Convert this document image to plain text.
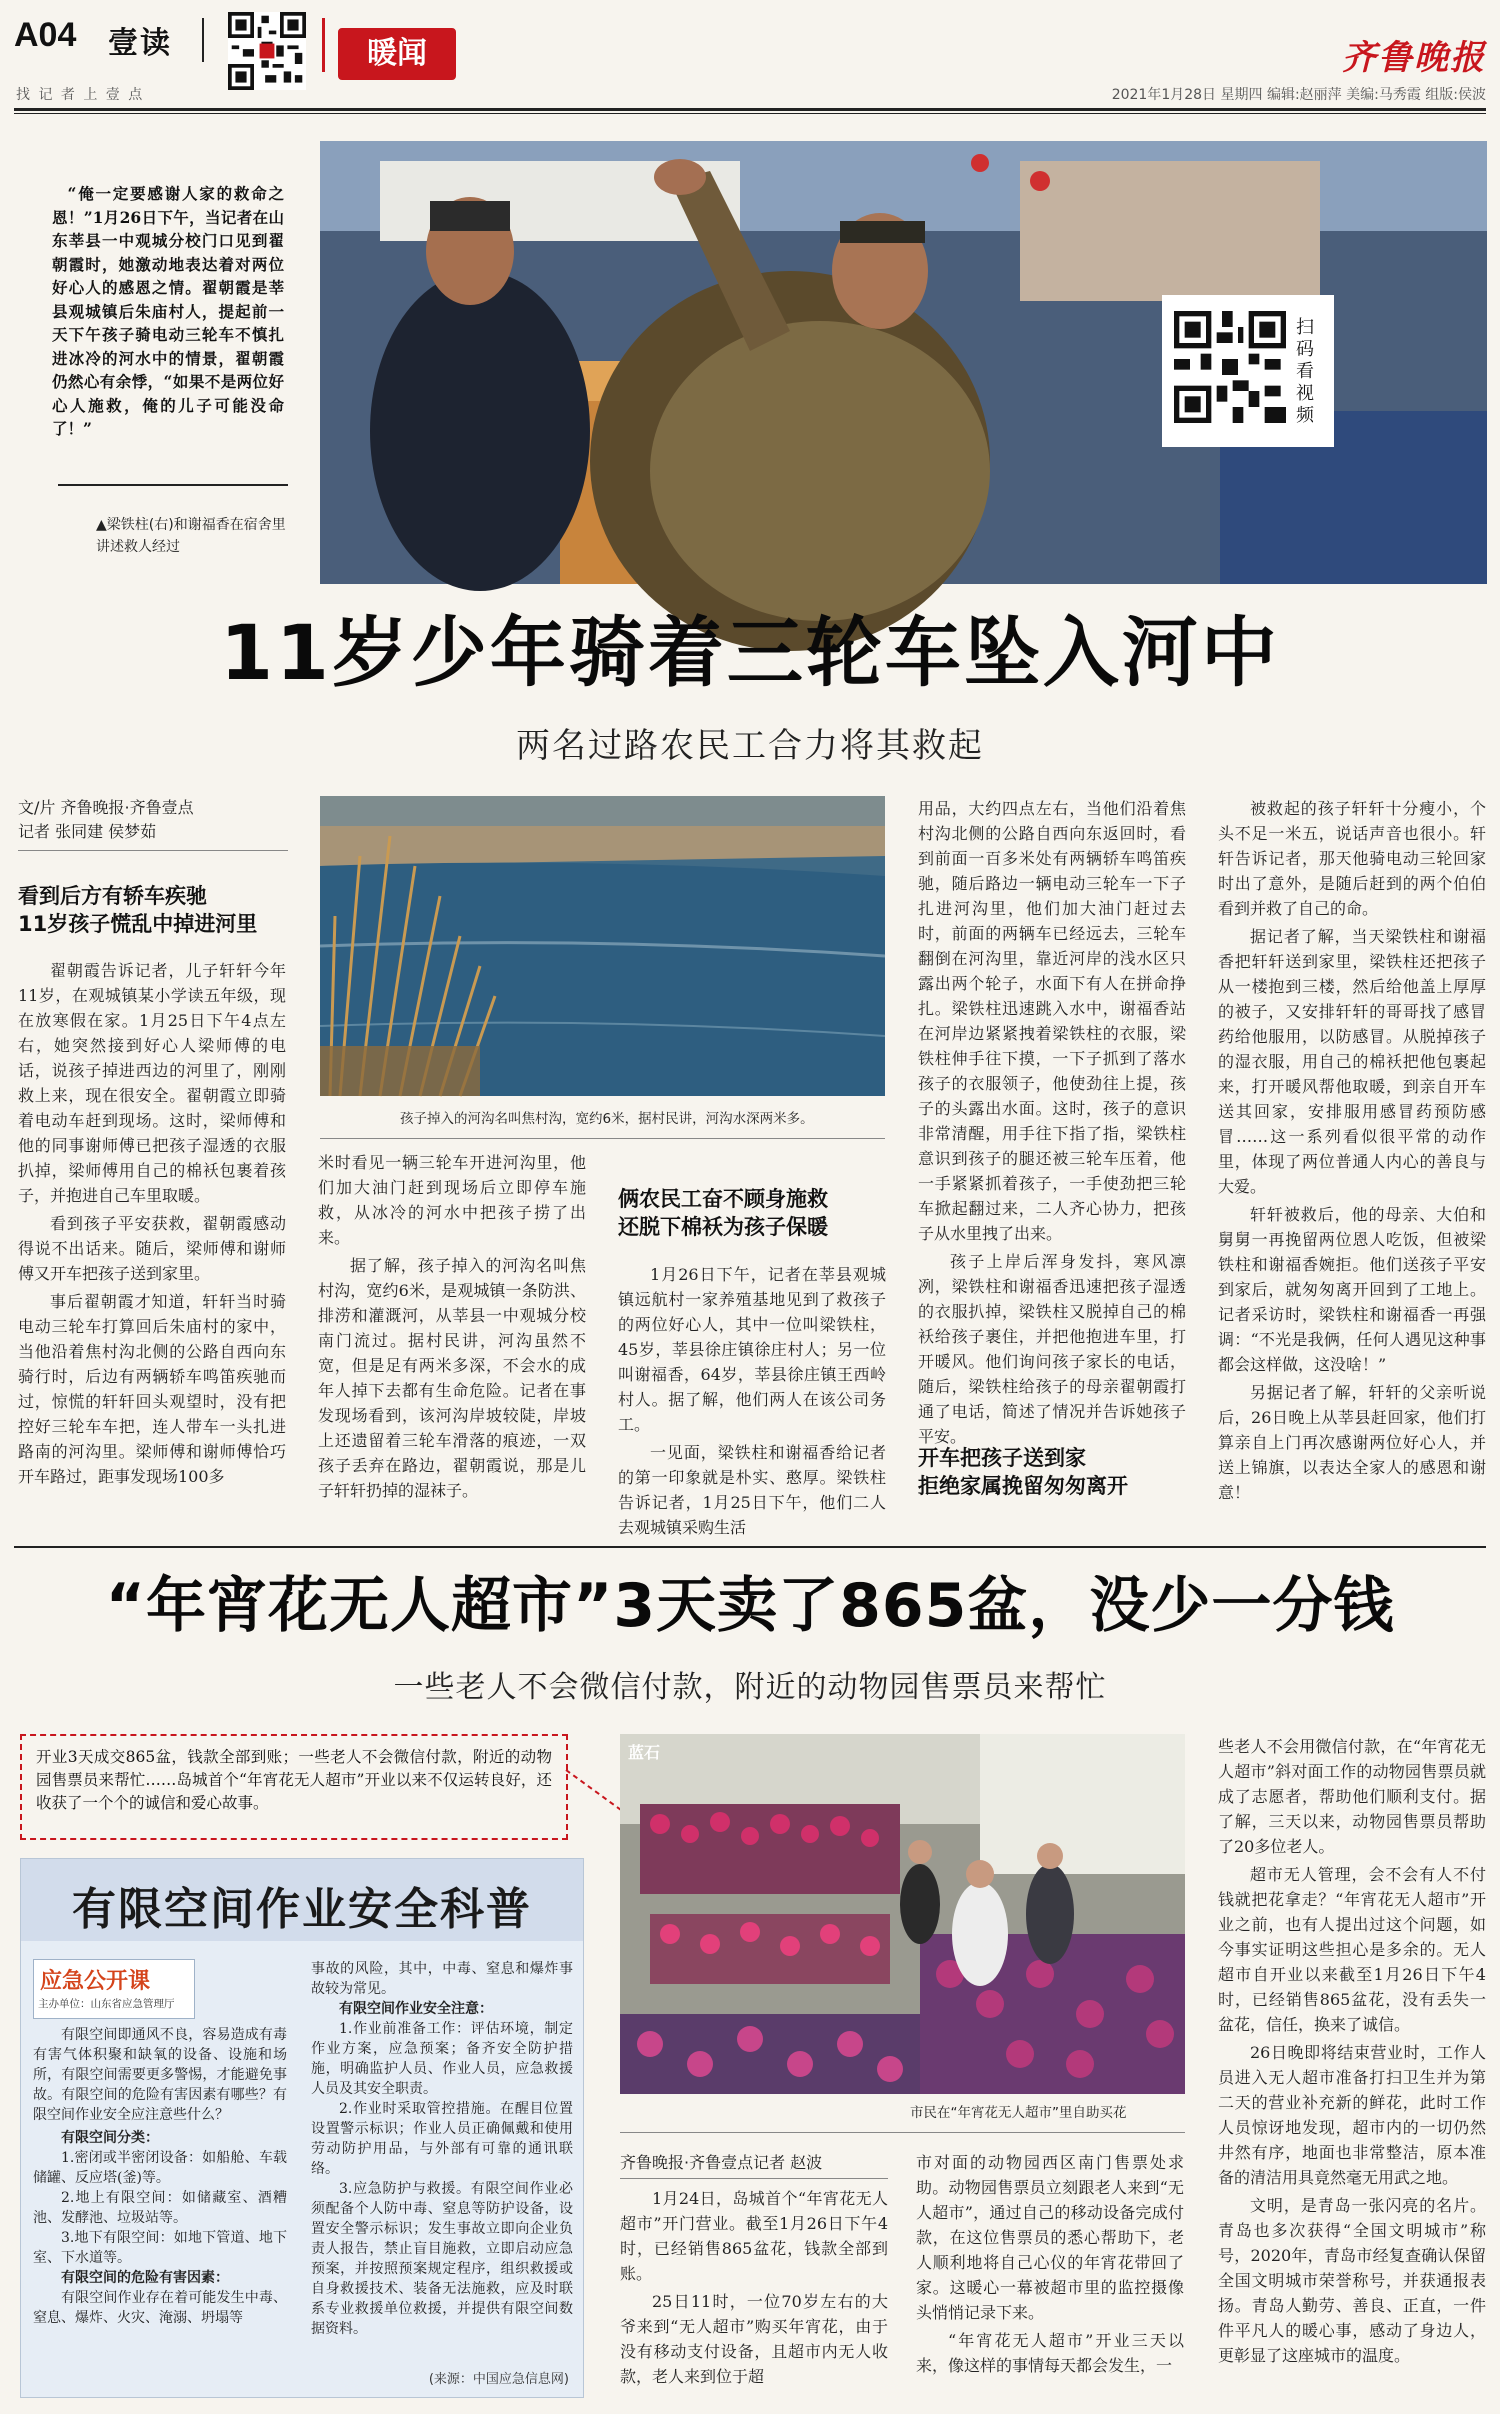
A04 壹读
找 记 者 上 壹 点
暖闻	齐鲁晚报
2021年1月28日 星期四 编辑:赵丽萍 美编:马秀霞 组版:侯波
“俺一定要感谢人家的救命之恩！”1月26日下午，当记者在山东莘县一中观城分校门口见到翟朝霞时，她激动地表达着对两位好心人的感恩之情。翟朝霞是莘县观城镇后朱庙村人，提起前一天下午孩子骑电动三轮车不慎扎进冰冷的河水中的情景，翟朝霞仍然心有余悸，“如果不是两位好心人施救，俺的儿子可能没命了！”
▲梁铁柱(右)和谢福香在宿舍里讲述救人经过
扫码看视频
11岁少年骑着三轮车坠入河中
两名过路农民工合力将其救起
文/片 齐鲁晚报·齐鲁壹点
记者 张同建 侯梦茹
看到后方有轿车疾驰
11岁孩子慌乱中掉进河里

翟朝霞告诉记者，儿子轩轩今年11岁，在观城镇某小学读五年级，现在放寒假在家。1月25日下午4点左右，她突然接到好心人梁师傅的电话，说孩子掉进西边的河里了，刚刚救上来，现在很安全。翟朝霞立即骑着电动车赶到现场。这时，梁师傅和他的同事谢师傅已把孩子湿透的衣服扒掉，梁师傅用自己的棉袄包裹着孩子，并抱进自己车里取暖。

看到孩子平安获救，翟朝霞感动得说不出话来。随后，梁师傅和谢师傅又开车把孩子送到家里。

事后翟朝霞才知道，轩轩当时骑电动三轮车打算回后朱庙村的家中，当他沿着焦村沟北侧的公路自西向东骑行时，后边有两辆轿车鸣笛疾驰而过，惊慌的轩轩回头观望时，没有把控好三轮车车把，连人带车一头扎进路南的河沟里。梁师傅和谢师傅恰巧开车路过，距事发现场100多

孩子掉入的河沟名叫焦村沟，宽约6米，据村民讲，河沟水深两米多。

米时看见一辆三轮车开进河沟里，他们加大油门赶到现场后立即停车施救，从冰冷的河水中把孩子捞了出来。

据了解，孩子掉入的河沟名叫焦村沟，宽约6米，是观城镇一条防洪、排涝和灌溉河，从莘县一中观城分校南门流过。据村民讲，河沟虽然不宽，但是足有两米多深，不会水的成年人掉下去都有生命危险。记者在事发现场看到，该河沟岸坡较陡，岸坡上还遗留着三轮车滑落的痕迹，一双孩子丢弃在路边，翟朝霞说，那是儿子轩轩扔掉的湿袜子。

俩农民工奋不顾身施救
还脱下棉袄为孩子保暖

1月26日下午，记者在莘县观城镇远航村一家养殖基地见到了救孩子的两位好心人，其中一位叫梁铁柱，45岁，莘县徐庄镇徐庄村人；另一位叫谢福香，64岁，莘县徐庄镇王西岭村人。据了解，他们两人在该公司务工。

一见面，梁铁柱和谢福香给记者的第一印象就是朴实、憨厚。梁铁柱告诉记者，1月25日下午，他们二人去观城镇采购生活

用品，大约四点左右，当他们沿着焦村沟北侧的公路自西向东返回时，看到前面一百多米处有两辆轿车鸣笛疾驰，随后路边一辆电动三轮车一下子扎进河沟里，他们加大油门赶过去时，前面的两辆车已经远去，三轮车翻倒在河沟里，靠近河岸的浅水区只露出两个轮子，水面下有人在拼命挣扎。梁铁柱迅速跳入水中，谢福香站在河岸边紧紧拽着梁铁柱的衣服，梁铁柱伸手往下摸，一下子抓到了落水孩子的衣服领子，他使劲往上提，孩子的头露出水面。这时，孩子的意识非常清醒，用手往下指了指，梁铁柱意识到孩子的腿还被三轮车压着，他一手紧紧抓着孩子，一手使劲把三轮车掀起翻过来，二人齐心协力，把孩子从水里拽了出来。

孩子上岸后浑身发抖，寒风凛冽，梁铁柱和谢福香迅速把孩子湿透的衣服扒掉，梁铁柱又脱掉自己的棉袄给孩子裹住，并把他抱进车里，打开暖风。他们询问孩子家长的电话，随后，梁铁柱给孩子的母亲翟朝霞打通了电话，简述了情况并告诉她孩子平安。

开车把孩子送到家
拒绝家属挽留匆匆离开

被救起的孩子轩轩十分瘦小，个头不足一米五，说话声音也很小。轩轩告诉记者，那天他骑电动三轮回家时出了意外，是随后赶到的两个伯伯看到并救了自己的命。

据记者了解，当天梁铁柱和谢福香把轩轩送到家里，梁铁柱还把孩子从一楼抱到三楼，然后给他盖上厚厚的被子，又安排轩轩的哥哥找了感冒药给他服用，以防感冒。从脱掉孩子的湿衣服，用自己的棉袄把他包裹起来，打开暖风帮他取暖，到亲自开车送其回家，安排服用感冒药预防感冒……这一系列看似很平常的动作里，体现了两位普通人内心的善良与大爱。

轩轩被救后，他的母亲、大伯和舅舅一再挽留两位恩人吃饭，但被梁铁柱和谢福香婉拒。他们送孩子平安到家后，就匆匆离开回到了工地上。记者采访时，梁铁柱和谢福香一再强调：“不光是我俩，任何人遇见这种事都会这样做，这没啥！”

另据记者了解，轩轩的父亲听说后，26日晚上从莘县赶回家，他们打算亲自上门再次感谢两位好心人，并送上锦旗，以表达全家人的感恩和谢意！

“年宵花无人超市”3天卖了865盆，没少一分钱
一些老人不会微信付款，附近的动物园售票员来帮忙
开业3天成交865盆，钱款全部到账；一些老人不会微信付款，附近的动物园售票员来帮忙……岛城首个“年宵花无人超市”开业以来不仅运转良好，还收获了一个个的诚信和爱心故事。
有限空间作业安全科普
应急公开课
主办单位：山东省应急管理厅

有限空间即通风不良，容易造成有毒有害气体积聚和缺氧的设备、设施和场所，有限空间需要更多警惕，才能避免事故。有限空间的危险有害因素有哪些？有限空间作业安全应注意些什么？

有限空间分类：
1.密闭或半密闭设备：如船舱、车载储罐、反应塔(釜)等。
2.地上有限空间：如储藏室、酒糟池、发酵池、垃圾站等。
3.地下有限空间：如地下管道、地下室、下水道等。
有限空间的危险有害因素：
有限空间作业存在着可能发生中毒、窒息、爆炸、火灾、淹溺、坍塌等
事故的风险，其中，中毒、窒息和爆炸事故较为常见。
有限空间作业安全注意：
1.作业前准备工作：评估环境，制定作业方案，应急预案；备齐安全防护措施，明确监护人员、作业人员，应急救援人员及其安全职责。
2.作业时采取管控措施。在醒目位置设置警示标识；作业人员正确佩戴和使用劳动防护用品，与外部有可靠的通讯联络。
3.应急防护与救援。有限空间作业必须配备个人防中毒、窒息等防护设备，设置安全警示标识；发生事故立即向企业负责人报告，禁止盲目施救，立即启动应急预案，并按照预案规定程序，组织救援或自身救援技术、装备无法施救，应及时联系专业救援单位救援，并提供有限空间数据资料。
(来源：中国应急信息网)
蓝石
市民在“年宵花无人超市”里自助买花
齐鲁晚报·齐鲁壹点记者 赵波

1月24日，岛城首个“年宵花无人超市”开门营业。截至1月26日下午4时，已经销售865盆花，钱款全部到账。

25日11时，一位70岁左右的大爷来到“无人超市”购买年宵花，由于没有移动支付设备，且超市内无人收款，老人来到位于超

市对面的动物园西区南门售票处求助。动物园售票员立刻跟老人来到“无人超市”，通过自己的移动设备完成付款，在这位售票员的悉心帮助下，老人顺利地将自己心仪的年宵花带回了家。这暖心一幕被超市里的监控摄像头悄悄记录下来。

“年宵花无人超市”开业三天以来，像这样的事情每天都会发生，一

些老人不会用微信付款，在“年宵花无人超市”斜对面工作的动物园售票员就成了志愿者，帮助他们顺利支付。据了解，三天以来，动物园售票员帮助了20多位老人。

超市无人管理，会不会有人不付钱就把花拿走？“年宵花无人超市”开业之前，也有人提出过这个问题，如今事实证明这些担心是多余的。无人超市自开业以来截至1月26日下午4时，已经销售865盆花，没有丢失一盆花，信任，换来了诚信。

26日晚即将结束营业时，工作人员进入无人超市准备打扫卫生并为第二天的营业补充新的鲜花，此时工作人员惊讶地发现，超市内的一切仍然井然有序，地面也非常整洁，原本准备的清洁用具竟然毫无用武之地。

文明，是青岛一张闪亮的名片。青岛也多次获得“全国文明城市”称号，2020年，青岛市经复查确认保留全国文明城市荣誉称号，并获通报表扬。青岛人勤劳、善良、正直，一件件平凡人的暖心事，感动了身边人，更彰显了这座城市的温度。
